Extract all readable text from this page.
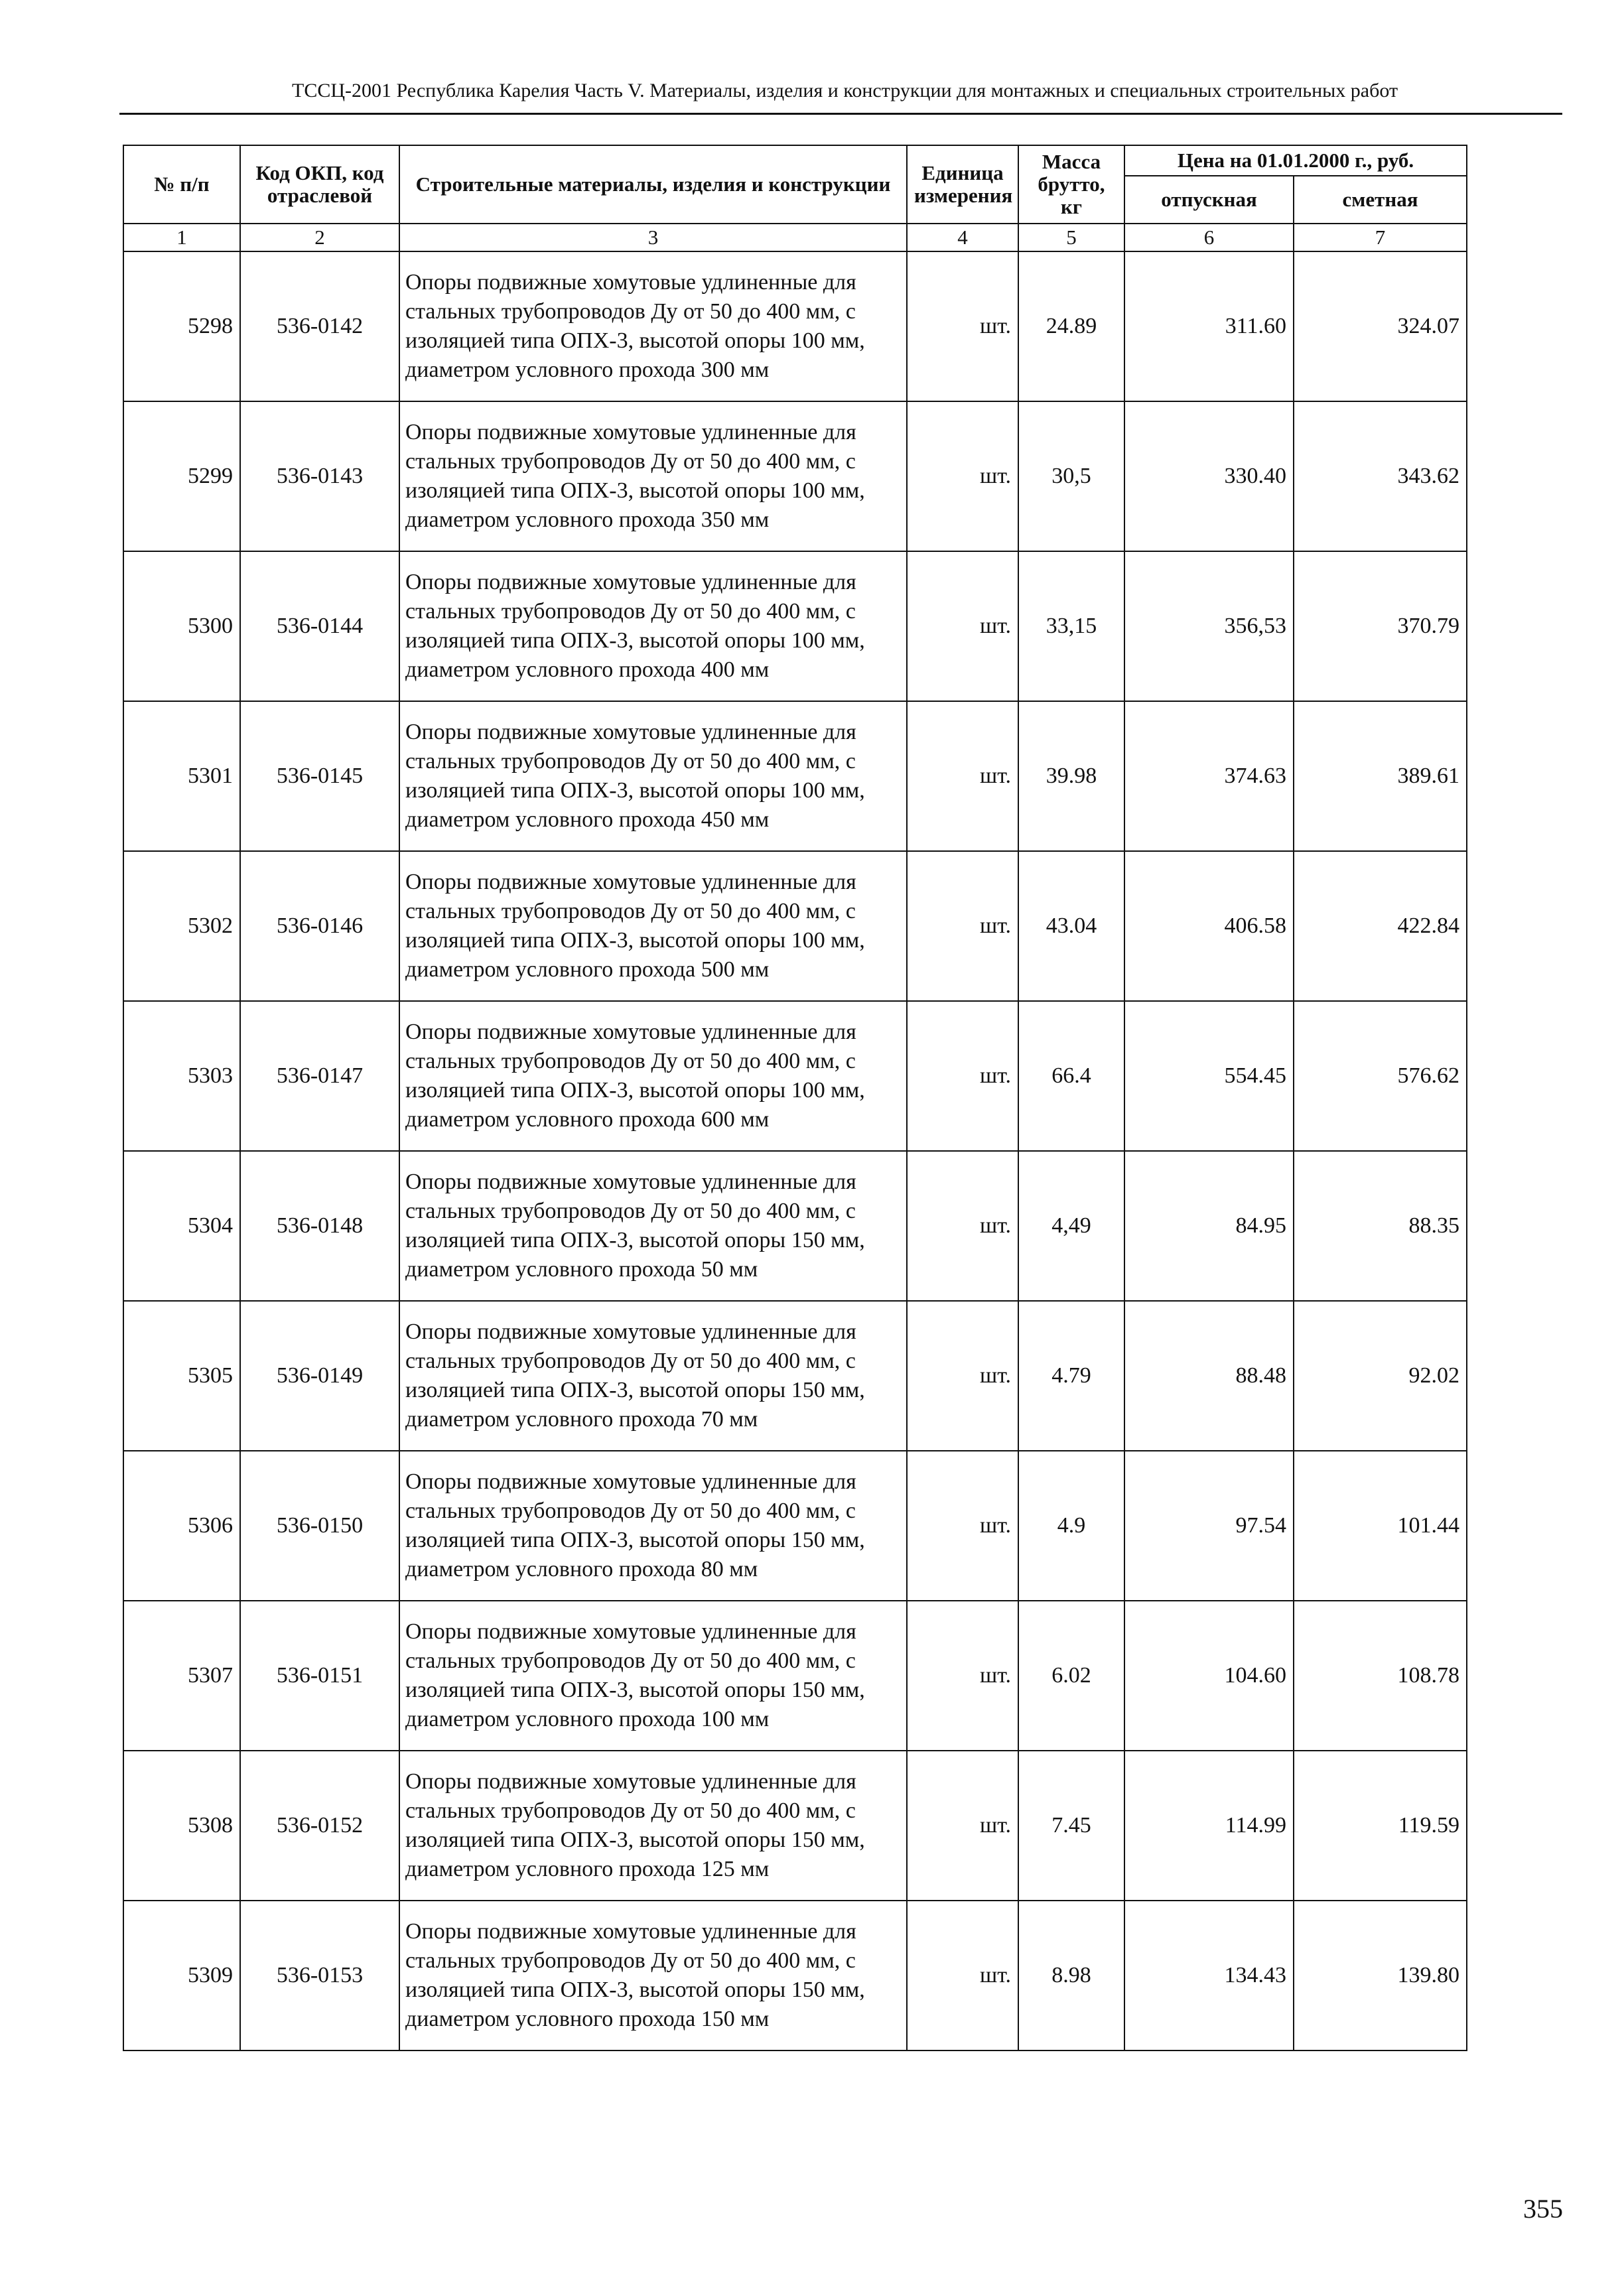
ТССЦ-2001 Республика Карелия Часть V. Материалы, изделия и конструкции для монтажных и специальных строительных работ
№ п/п	Код ОКП, код отраслевой	Строительные материалы, изделия и конструкции	Единица измерения	Масса брутто, кг	Цена на 01.01.2000 г., руб.	
					отпускная	сметная
1	2	3	4	5	6	7
5298	536-0142	Опоры подвижные хомутовые удлиненные для стальных трубопроводов Ду от 50 до 400 мм, с изоляцией типа ОПХ-3, высотой опоры 100 мм, диаметром условного прохода 300 мм	шт.	24.89	311.60	324.07
5299	536-0143	Опоры подвижные хомутовые удлиненные для стальных трубопроводов Ду от 50 до 400 мм, с изоляцией типа ОПХ-3, высотой опоры 100 мм, диаметром условного прохода 350 мм	шт.	30,5	330.40	343.62
5300	536-0144	Опоры подвижные хомутовые удлиненные для стальных трубопроводов Ду от 50 до 400 мм, с изоляцией типа ОПХ-3, высотой опоры 100 мм, диаметром условного прохода 400 мм	шт.	33,15	356,53	370.79
5301	536-0145	Опоры подвижные хомутовые удлиненные для стальных трубопроводов Ду от 50 до 400 мм, с изоляцией типа ОПХ-3, высотой опоры 100 мм, диаметром условного прохода 450 мм	шт.	39.98	374.63	389.61
5302	536-0146	Опоры подвижные хомутовые удлиненные для стальных трубопроводов Ду от 50 до 400 мм, с изоляцией типа ОПХ-3, высотой опоры 100 мм, диаметром условного прохода 500 мм	шт.	43.04	406.58	422.84
5303	536-0147	Опоры подвижные хомутовые удлиненные для стальных трубопроводов Ду от 50 до 400 мм, с изоляцией типа ОПХ-3, высотой опоры 100 мм, диаметром условного прохода 600 мм	шт.	66.4	554.45	576.62
5304	536-0148	Опоры подвижные хомутовые удлиненные для стальных трубопроводов Ду от 50 до 400 мм, с изоляцией типа ОПХ-3, высотой опоры 150 мм, диаметром условного прохода 50 мм	шт.	4,49	84.95	88.35
5305	536-0149	Опоры подвижные хомутовые удлиненные для стальных трубопроводов Ду от 50 до 400 мм, с изоляцией типа ОПХ-3, высотой опоры 150 мм, диаметром условного прохода 70 мм	шт.	4.79	88.48	92.02
5306	536-0150	Опоры подвижные хомутовые удлиненные для стальных трубопроводов Ду от 50 до 400 мм, с изоляцией типа ОПХ-3, высотой опоры 150 мм, диаметром условного прохода 80 мм	шт.	4.9	97.54	101.44
5307	536-0151	Опоры подвижные хомутовые удлиненные для стальных трубопроводов Ду от 50 до 400 мм, с изоляцией типа ОПХ-3, высотой опоры 150 мм, диаметром условного прохода 100 мм	шт.	6.02	104.60	108.78
5308	536-0152	Опоры подвижные хомутовые удлиненные для стальных трубопроводов Ду от 50 до 400 мм, с изоляцией типа ОПХ-3, высотой опоры 150 мм, диаметром условного прохода 125 мм	шт.	7.45	114.99	119.59
5309	536-0153	Опоры подвижные хомутовые удлиненные для стальных трубопроводов Ду от 50 до 400 мм, с изоляцией типа ОПХ-3, высотой опоры 150 мм, диаметром условного прохода 150 мм	шт.	8.98	134.43	139.80
355
